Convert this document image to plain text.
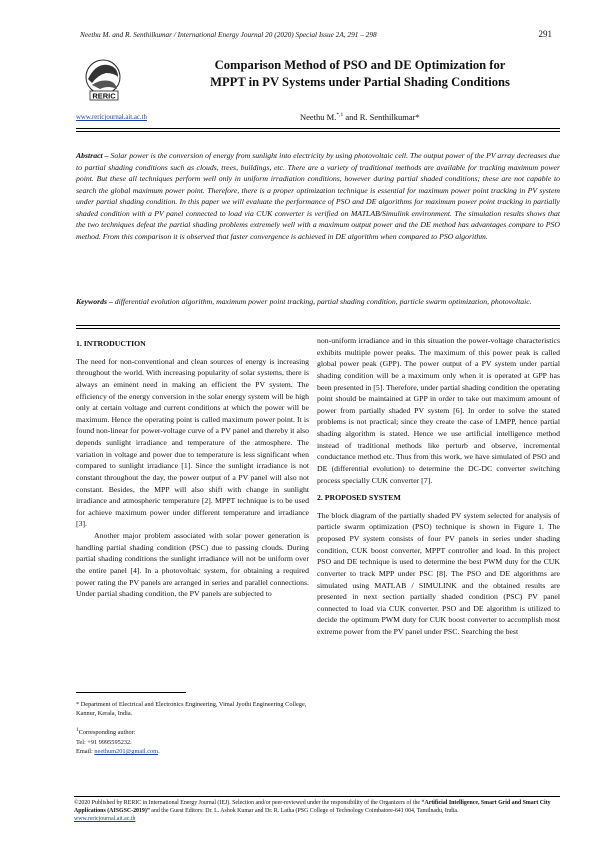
Neethu M. and R. Senthilkumar / International Energy Journal 20 (2020) Special Issue 2A, 291 – 298	291
RERIC
Comparison Method of PSO and DE Optimization for
MPPT in PV Systems under Partial Shading Conditions
www.rericjournal.ait.ac.th	Neethu M.$^{*,1}$ and R. Senthilkumar*
Abstract – Solar power is the conversion of energy from sunlight into electricity by using photovoltaic cell. The output power of the PV array decreases due to partial shading conditions such as clouds, trees, buildings, etc. There are a variety of traditional methods are available for tracking maximum power point. But these all techniques perform well only in uniform irradiation conditions, however during partial shaded conditions; these are not capable to search the global maximum power point. Therefore, there is a proper optimization technique is essential for maximum power point tracking in PV system under partial shading condition. In this paper we will evaluate the performance of PSO and DE algorithms for maximum power point tracking in partially shaded condition with a PV panel connected to load via CUK converter is verified on MATLAB/Simulink environment. The simulation results shows that the two techniques defeat the partial shading problems extremely well with a maximum output power and the DE method has advantages compare to PSO method. From this comparison it is observed that faster convergence is achieved in DE algorithm when compared to PSO algorithm.
Keywords – differential evolution algorithm, maximum power point tracking, partial shading condition, particle swarm optimization, photovoltaic.
1. INTRODUCTION

The need for non-conventional and clean sources of energy is increasing throughout the world. With increasing popularity of solar systems, there is always an eminent need in making an efficient the PV system. The efficiency of the energy conversion in the solar energy system will be high only at certain voltage and current conditions at which the power will be maximum. Hence the operating point is called maximum power point. It is found non-linear for power-voltage curve of a PV panel and thereby it also depends sunlight irradiance and temperature of the atmosphere. The variation in voltage and power due to temperature is less significant when compared to sunlight irradiance [1]. Since the sunlight irradiance is not constant throughout the day, the power output of a PV panel will also not constant. Besides, the MPP will also shift with change in sunlight irradiance and atmospheric temperature [2]. MPPT technique is to be used for achieve maximum power under different temperature and irradiance [3].

Another major problem associated with solar power generation is handling partial shading condition (PSC) due to passing clouds. During partial shading conditions the sunlight irradiance will not be uniform over the entire panel [4]. In a photovoltaic system, for obtaining a required power rating the PV panels are arranged in series and parallel connections. Under partial shading condition, the PV panels are subjected to

non-uniform irradiance and in this situation the power-voltage characteristics exhibits multiple power peaks. The maximum of this power peak is called global power peak (GPP). The power output of a PV system under partial shading condition will be a maximum only when it is operated at GPP has been presented in [5]. Therefore, under partial shading condition the operating point should be maintained at GPP in order to take out maximum amount of power from partially shaded PV system [6]. In order to solve the stated problems is not practical; since they create the case of LMPP, hence partial shading algorithm is stated. Hence we use artificial intelligence method instead of traditional methods like perturb and observe, incremental conductance method etc. Thus from this work, we have simulated of PSO and DE (differential evolution) to determine the DC-DC converter switching process specially CUK converter [7].

2. PROPOSED SYSTEM

The block diagram of the partially shaded PV system selected for analysis of particle swarm optimization (PSO) technique is shown in Figure 1. The proposed PV system consists of four PV panels in series under shading condition, CUK boost converter, MPPT controller and load. In this project PSO and DE technique is used to determine the best PWM duty for the CUK converter to track MPP under PSC [8]. The PSO and DE algorithms are simulated using MATLAB / SIMULINK and the obtained results are presented in next section partially shaded condition (PSC) PV panel connected to load via CUK converter. PSO and DE algorithm is utilized to decide the optimum PWM duty for CUK boost converter to accomplish most extreme power from the PV panel under PSC. Searching the best

* Department of Electrical and Electronics Engineering, Vimal Jyothi Engineering College, Kannur, Kerala, India.
$^1$Corresponding author:
Tel: +91 9995595232.
Email: neethum201@gmail.com.
©2020 Published by RERIC in International Energy Journal (IEJ). Selection and/or peer-reviewed under the responsibility of the Organizers of the “Artificial Intelligence, Smart Grid and Smart City Applications (AISGSC-2019)” and the Guest Editors: Dr. L. Ashok Kumar and Dr. R. Latha (PSG College of Technology Coimbatore-641 004, Tamilnadu, India.
www.rericjournal.ait.ac.th
